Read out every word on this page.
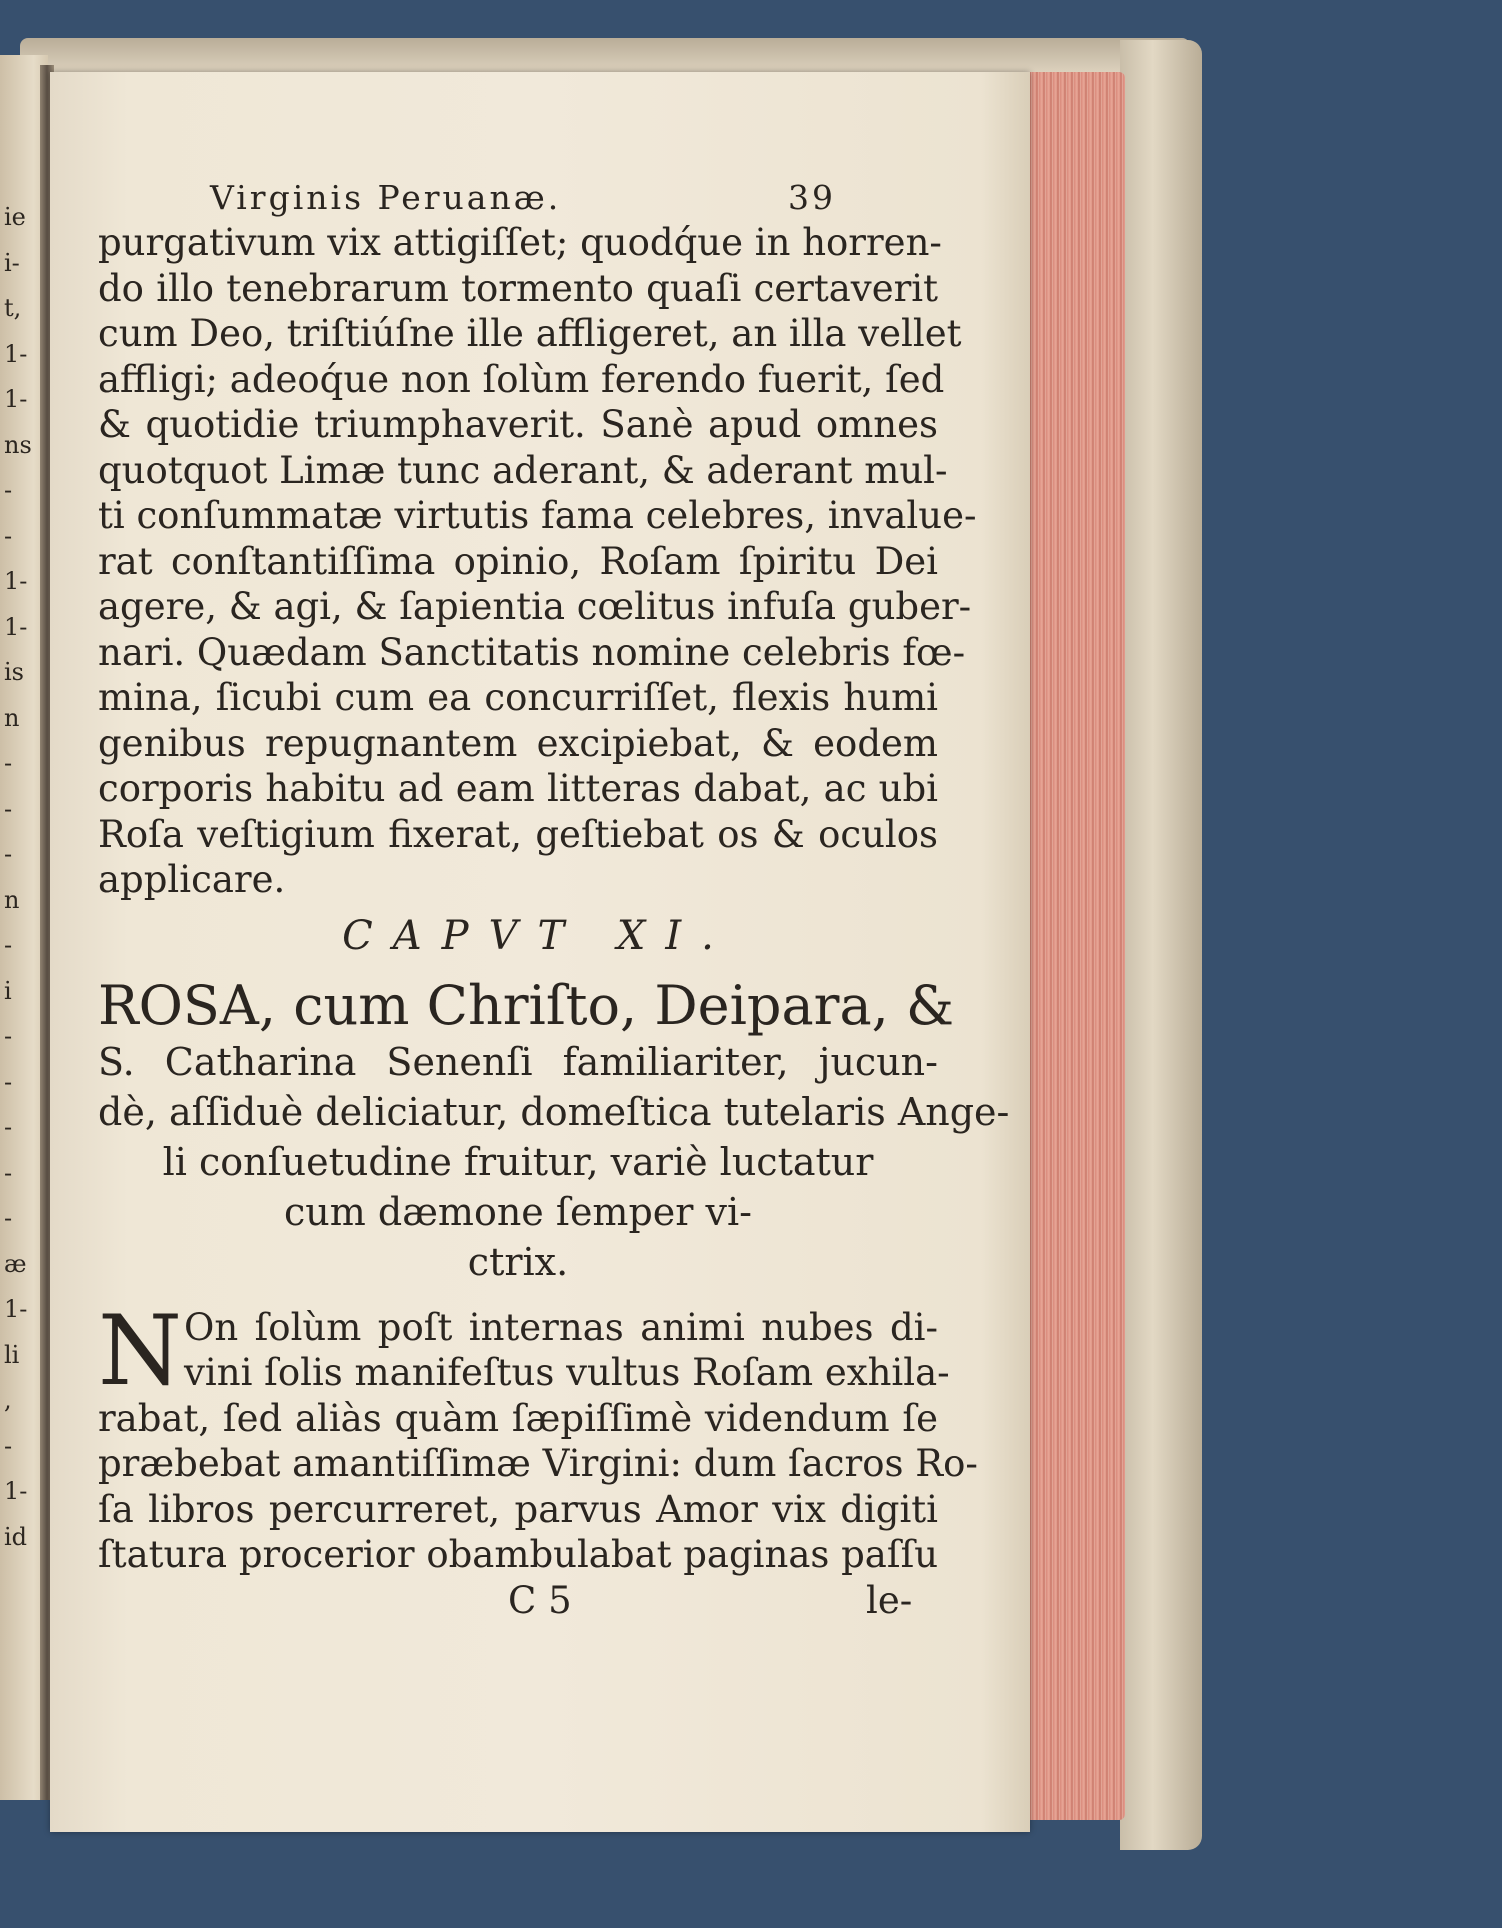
ie
i-
t,
1-
1-
ns
-
-
1-
1-
is
n
-
-
-
n
-
i
-
-
-
-
-
æ
1-
li
,
-
1-
id
Virginis Peruanæ.	39
purgativum vix attigiſſet; quodq́ue in horren-
do illo tenebrarum tormento quaſi certaverit
cum Deo, triſtiúſne ille affligeret, an illa vellet
affligi; adeoq́ue non ſolùm ferendo fuerit, ſed
& quotidie triumphaverit. Sanè apud omnes
quotquot Limæ tunc aderant, & aderant mul-
ti conſummatæ virtutis fama celebres, invalue-
rat conſtantiſſima opinio, Roſam ſpiritu Dei
agere, & agi, & ſapientia cœlitus infuſa guber-
nari. Quædam Sanctitatis nomine celebris fœ-
mina, ſicubi cum ea concurriſſet, flexis humi
genibus repugnantem excipiebat, & eodem
corporis habitu ad eam litteras dabat, ac ubi
Roſa veſtigium fixerat, geſtiebat os & oculos
applicare.
CAPVT XI.
ROSA, cum Chriſto, Deipara, &
S. Catharina Senenſi familiariter, jucun-
dè, aſſiduè deliciatur, domeſtica tutelaris Ange-
li conſuetudine fruitur, variè luctatur
cum dæmone ſemper vi-
ctrix.
N On ſolùm poſt internas animi nubes di-
vini ſolis manifeſtus vultus Roſam exhila-
rabat, ſed aliàs quàm ſæpiſſimè videndum ſe
præbebat amantiſſimæ Virgini: dum ſacros Ro-
ſa libros percurreret, parvus Amor vix digiti
ſtatura procerior obambulabat paginas paſſu
C 5	le-
